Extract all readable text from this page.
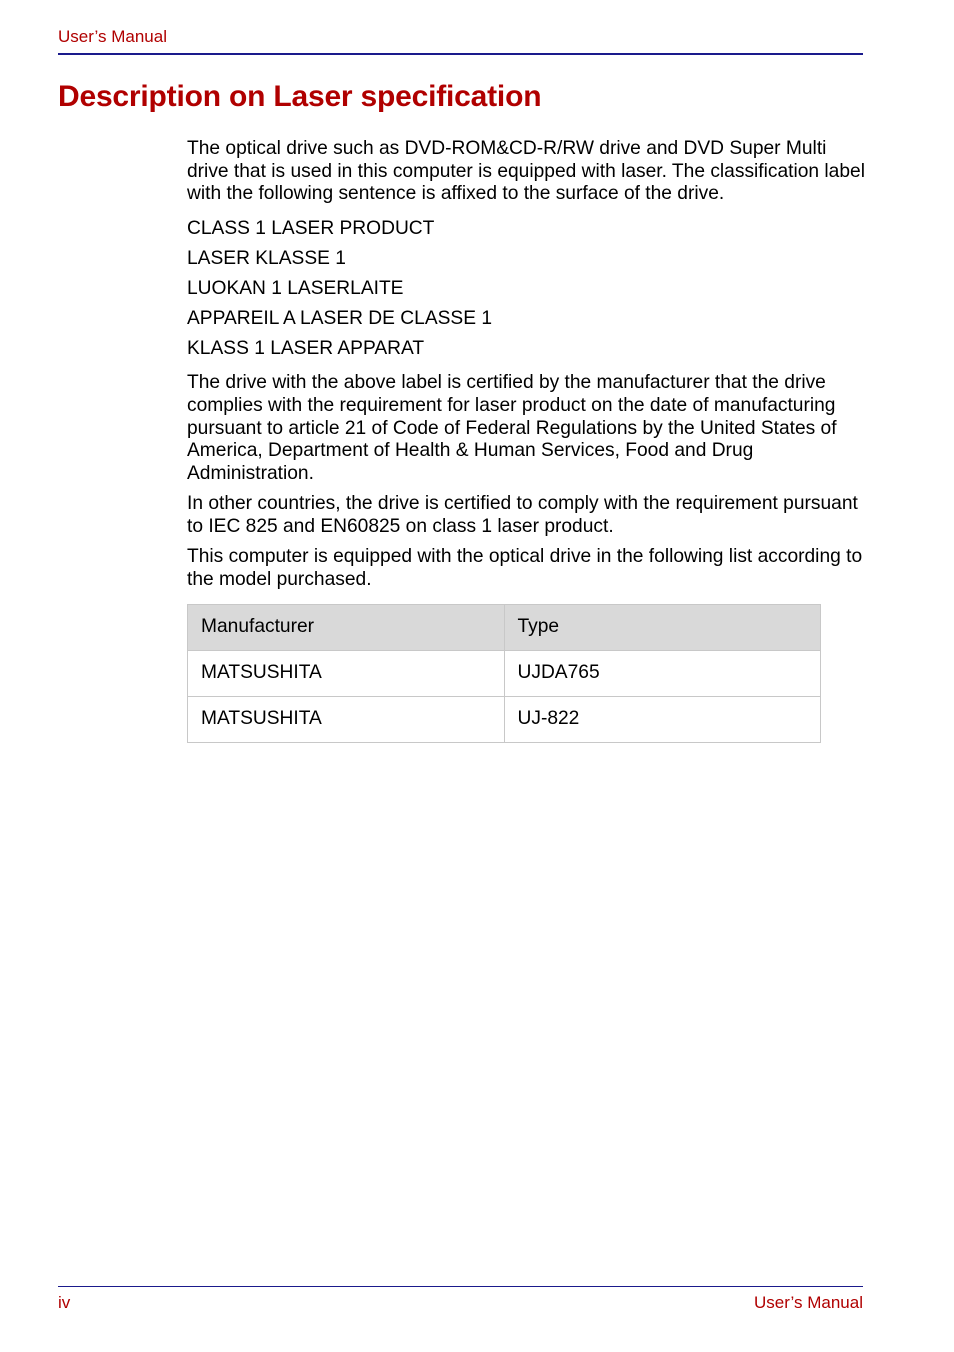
User’s Manual
Description on Laser specification

The optical drive such as DVD-ROM&CD-R/RW drive and DVD Super Multi drive that is used in this computer is equipped with laser. The classification label with the following sentence is affixed to the surface of the drive.

CLASS 1 LASER PRODUCT

LASER KLASSE 1

LUOKAN 1 LASERLAITE

APPAREIL A LASER DE CLASSE 1

KLASS 1 LASER APPARAT

The drive with the above label is certified by the manufacturer that the drive complies with the requirement for laser product on the date of manufacturing pursuant to article 21 of Code of Federal Regulations by the United States of America, Department of Health & Human Services, Food and Drug Administration.

In other countries, the drive is certified to comply with the requirement pursuant to IEC 825 and EN60825 on class 1 laser product.

This computer is equipped with the optical drive in the following list according to the model purchased.

Manufacturer	Type
MATSUSHITA	UJDA765
MATSUSHITA	UJ-822
iv	User’s Manual
